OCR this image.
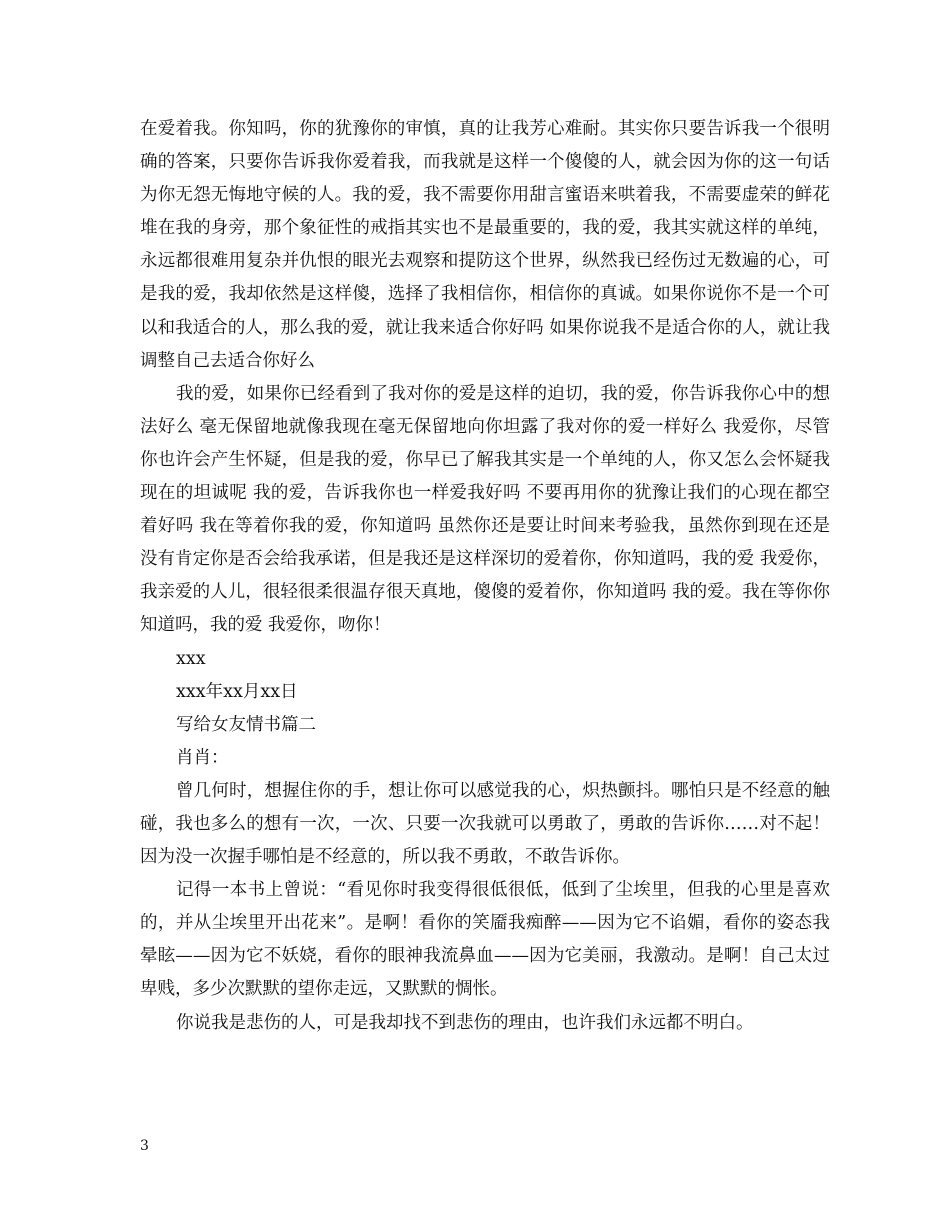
在爱着我。你知吗，你的犹豫你的审慎，真的让我芳心难耐。其实你只要告诉我一个很明确的答案，只要你告诉我你爱着我，而我就是这样一个傻傻的人，就会因为你的这一句话为你无怨无悔地守候的人。我的爱，我不需要你用甜言蜜语来哄着我，不需要虚荣的鲜花堆在我的身旁，那个象征性的戒指其实也不是最重要的，我的爱，我其实就这样的单纯，永远都很难用复杂并仇恨的眼光去观察和提防这个世界，纵然我已经伤过无数遍的心，可是我的爱，我却依然是这样傻，选择了我相信你，相信你的真诚。如果你说你不是一个可以和我适合的人，那么我的爱，就让我来适合你好吗 如果你说我不是适合你的人，就让我调整自己去适合你好么

我的爱，如果你已经看到了我对你的爱是这样的迫切，我的爱，你告诉我你心中的想法好么 毫无保留地就像我现在毫无保留地向你坦露了我对你的爱一样好么 我爱你，尽管你也许会产生怀疑，但是我的爱，你早已了解我其实是一个单纯的人，你又怎么会怀疑我现在的坦诚呢 我的爱，告诉我你也一样爱我好吗 不要再用你的犹豫让我们的心现在都空着好吗 我在等着你我的爱，你知道吗 虽然你还是要让时间来考验我，虽然你到现在还是没有肯定你是否会给我承诺，但是我还是这样深切的爱着你，你知道吗，我的爱 我爱你，我亲爱的人儿，很轻很柔很温存很天真地，傻傻的爱着你，你知道吗 我的爱。我在等你你知道吗，我的爱 我爱你，吻你！

xxx

xxx年xx月xx日

写给女友情书篇二

肖肖：

曾几何时，想握住你的手，想让你可以感觉我的心，炽热颤抖。哪怕只是不经意的触碰，我也多么的想有一次，一次、只要一次我就可以勇敢了，勇敢的告诉你……对不起！因为没一次握手哪怕是不经意的，所以我不勇敢，不敢告诉你。

记得一本书上曾说：“看见你时我变得很低很低，低到了尘埃里，但我的心里是喜欢的，并从尘埃里开出花来”。是啊！看你的笑靥我痴醉——因为它不谄媚，看你的姿态我晕眩——因为它不妖娆，看你的眼神我流鼻血——因为它美丽，我激动。是啊！自己太过卑贱，多少次默默的望你走远，又默默的惆怅。

你说我是悲伤的人，可是我却找不到悲伤的理由，也许我们永远都不明白。

3
